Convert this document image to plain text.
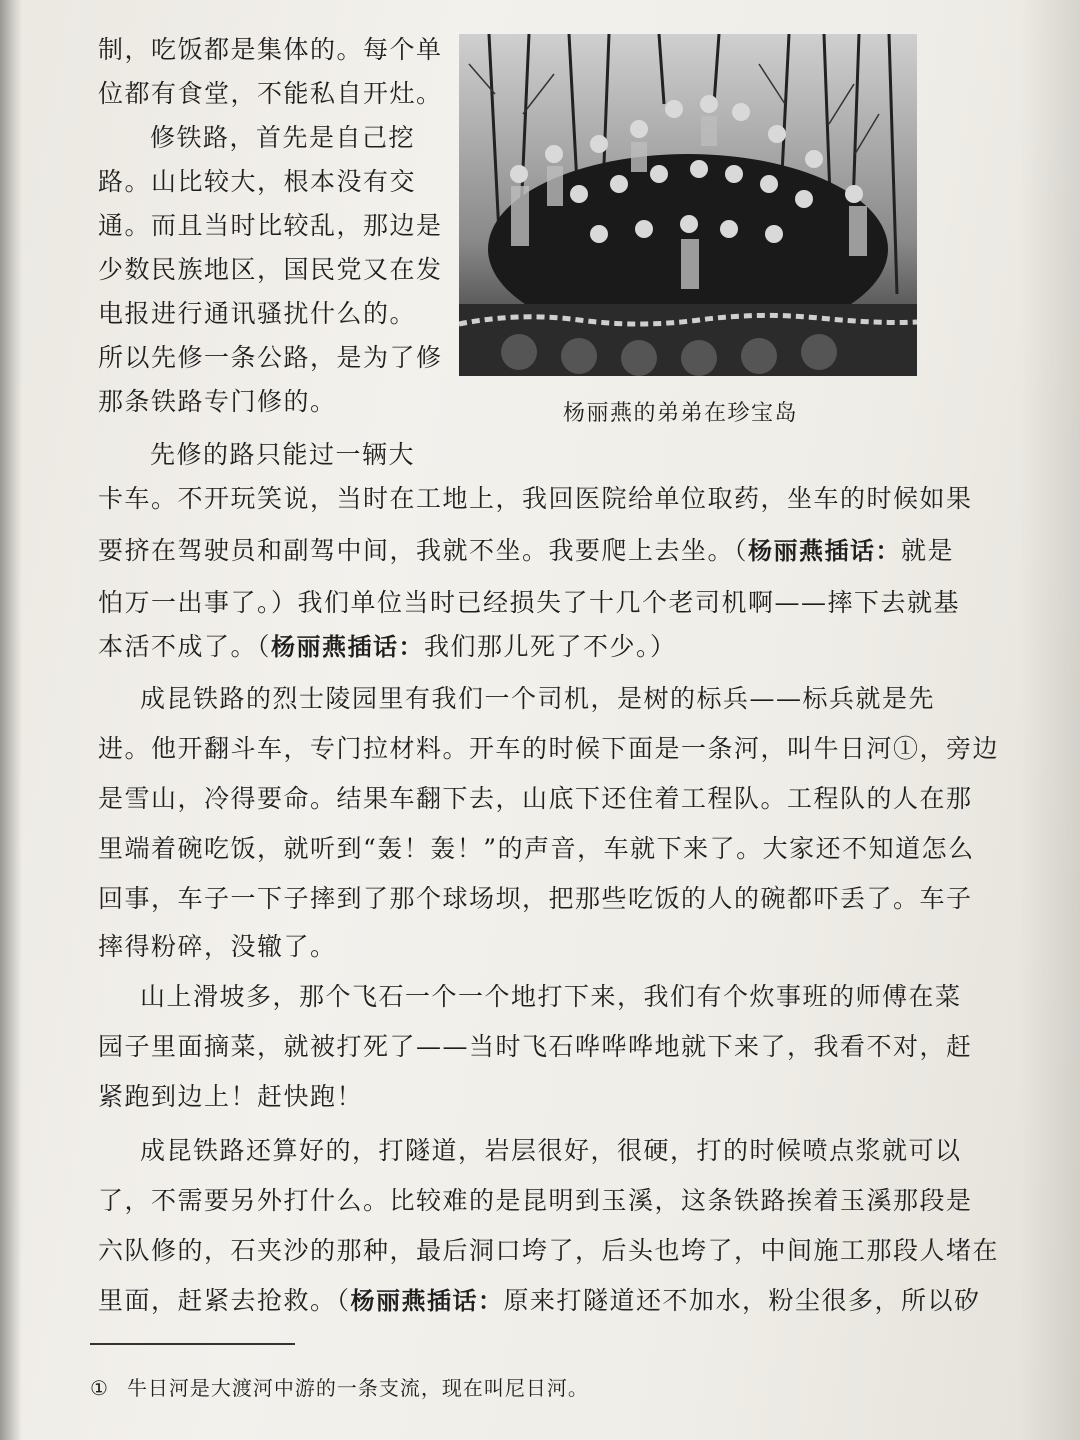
制，吃饭都是集体的。每个单
位都有食堂，不能私自开灶。
修铁路，首先是自己挖
路。山比较大，根本没有交
通。而且当时比较乱，那边是
少数民族地区，国民党又在发
电报进行通讯骚扰什么的。
所以先修一条公路，是为了修
那条铁路专门修的。
先修的路只能过一辆大
杨丽燕的弟弟在珍宝岛
卡车。不开玩笑说，当时在工地上，我回医院给单位取药，坐车的时候如果
要挤在驾驶员和副驾中间，我就不坐。我要爬上去坐。（杨丽燕插话：就是
怕万一出事了。）我们单位当时已经损失了十几个老司机啊——摔下去就基
本活不成了。（杨丽燕插话：我们那儿死了不少。）
成昆铁路的烈士陵园里有我们一个司机，是树的标兵——标兵就是先
进。他开翻斗车，专门拉材料。开车的时候下面是一条河，叫牛日河①，旁边
是雪山，冷得要命。结果车翻下去，山底下还住着工程队。工程队的人在那
里端着碗吃饭，就听到“轰！轰！”的声音，车就下来了。大家还不知道怎么
回事，车子一下子摔到了那个球场坝，把那些吃饭的人的碗都吓丢了。车子
摔得粉碎，没辙了。
山上滑坡多，那个飞石一个一个地打下来，我们有个炊事班的师傅在菜
园子里面摘菜，就被打死了——当时飞石哗哗哗地就下来了，我看不对，赶
紧跑到边上！赶快跑！
成昆铁路还算好的，打隧道，岩层很好，很硬，打的时候喷点浆就可以
了，不需要另外打什么。比较难的是昆明到玉溪，这条铁路挨着玉溪那段是
六队修的，石夹沙的那种，最后洞口垮了，后头也垮了，中间施工那段人堵在
里面，赶紧去抢救。（杨丽燕插话：原来打隧道还不加水，粉尘很多，所以矽
① 牛日河是大渡河中游的一条支流，现在叫尼日河。
